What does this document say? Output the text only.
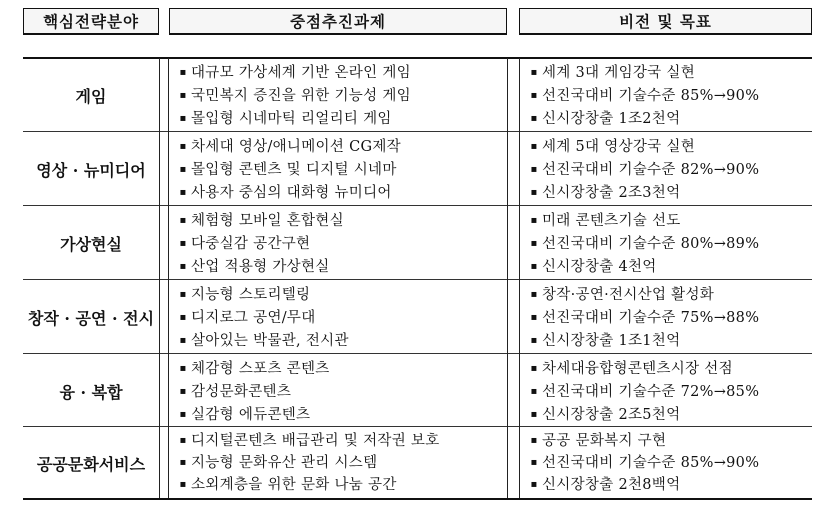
핵심전략분야	중점추진과제	비전 및 목표
게임
▪ 대규모 가상세계 기반 온라인 게임
▪ 국민복지 증진을 위한 기능성 게임
▪ 몰입형 시네마틱 리얼리티 게임
▪ 세계 3대 게임강국 실현
▪ 선진국대비 기술수준 85%→90%
▪ 신시장창출 1조2천억
영상 · 뉴미디어
▪ 차세대 영상/애니메이션 CG제작
▪ 몰입형 콘텐츠 및 디지털 시네마
▪ 사용자 중심의 대화형 뉴미디어
▪ 세계 5대 영상강국 실현
▪ 선진국대비 기술수준 82%→90%
▪ 신시장창출 2조3천억
가상현실
▪ 체험형 모바일 혼합현실
▪ 다중실감 공간구현
▪ 산업 적용형 가상현실
▪ 미래 콘텐츠기술 선도
▪ 선진국대비 기술수준 80%→89%
▪ 신시장창출 4천억
창작 · 공연 · 전시
▪ 지능형 스토리텔링
▪ 디지로그 공연/무대
▪ 살아있는 박물관, 전시관
▪ 창작·공연·전시산업 활성화
▪ 선진국대비 기술수준 75%→88%
▪ 신시장창출 1조1천억
융 · 복합
▪ 체감형 스포츠 콘텐츠
▪ 감성문화콘텐츠
▪ 실감형 에듀콘텐츠
▪ 차세대융합형콘텐츠시장 선점
▪ 선진국대비 기술수준 72%→85%
▪ 신시장창출 2조5천억
공공문화서비스
▪ 디지털콘텐츠 배급관리 및 저작권 보호
▪ 지능형 문화유산 관리 시스템
▪ 소외계층을 위한 문화 나눔 공간
▪ 공공 문화복지 구현
▪ 선진국대비 기술수준 85%→90%
▪ 신시장창출 2천8백억
